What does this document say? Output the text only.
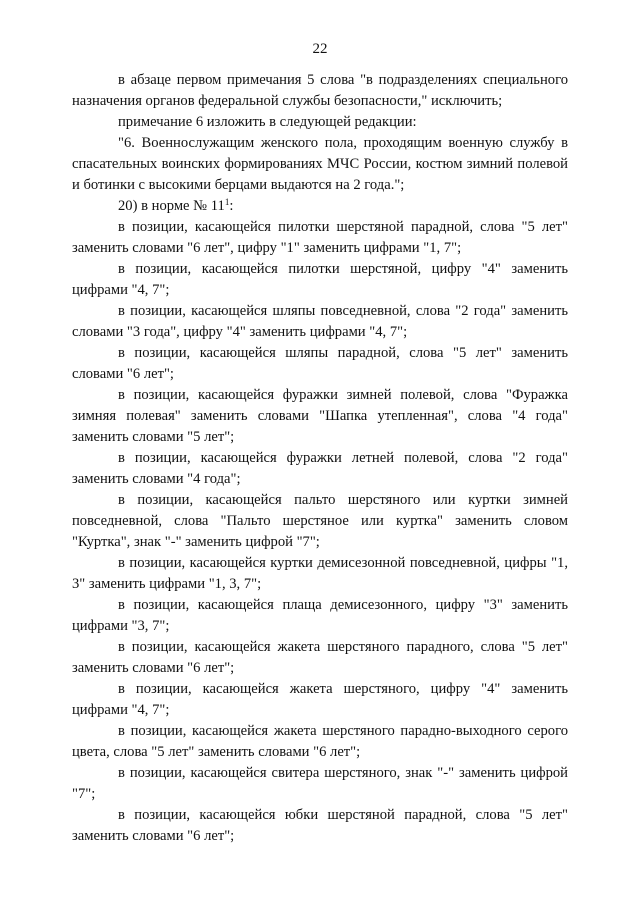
22

в абзаце первом примечания 5 слова "в подразделениях специального назначения органов федеральной службы безопасности," исключить;

примечание 6 изложить в следующей редакции:

"6. Военнослужащим женского пола, проходящим военную службу в спасательных воинских формированиях МЧС России, костюм зимний полевой и ботинки с высокими берцами выдаются на 2 года.";

20) в норме № $11^1$:

в позиции, касающейся пилотки шерстяной парадной, слова "5 лет" заменить словами "6 лет", цифру "1" заменить цифрами "1, 7";

в позиции, касающейся пилотки шерстяной, цифру "4" заменить цифрами "4, 7";

в позиции, касающейся шляпы повседневной, слова "2 года" заменить словами "3 года", цифру "4" заменить цифрами "4, 7";

в позиции, касающейся шляпы парадной, слова "5 лет" заменить словами "6 лет";

в позиции, касающейся фуражки зимней полевой, слова "Фуражка зимняя полевая" заменить словами "Шапка утепленная", слова "4 года" заменить словами "5 лет";

в позиции, касающейся фуражки летней полевой, слова "2 года" заменить словами "4 года";

в позиции, касающейся пальто шерстяного или куртки зимней повседневной, слова "Пальто шерстяное или куртка" заменить словом "Куртка", знак "-" заменить цифрой "7";

в позиции, касающейся куртки демисезонной повседневной, цифры "1, 3" заменить цифрами "1, 3, 7";

в позиции, касающейся плаща демисезонного, цифру "3" заменить цифрами "3, 7";

в позиции, касающейся жакета шерстяного парадного, слова "5 лет" заменить словами "6 лет";

в позиции, касающейся жакета шерстяного, цифру "4" заменить цифрами "4, 7";

в позиции, касающейся жакета шерстяного парадно-выходного серого цвета, слова "5 лет" заменить словами "6 лет";

в позиции, касающейся свитера шерстяного, знак "-" заменить цифрой "7";

в позиции, касающейся юбки шерстяной парадной, слова "5 лет" заменить словами "6 лет";
